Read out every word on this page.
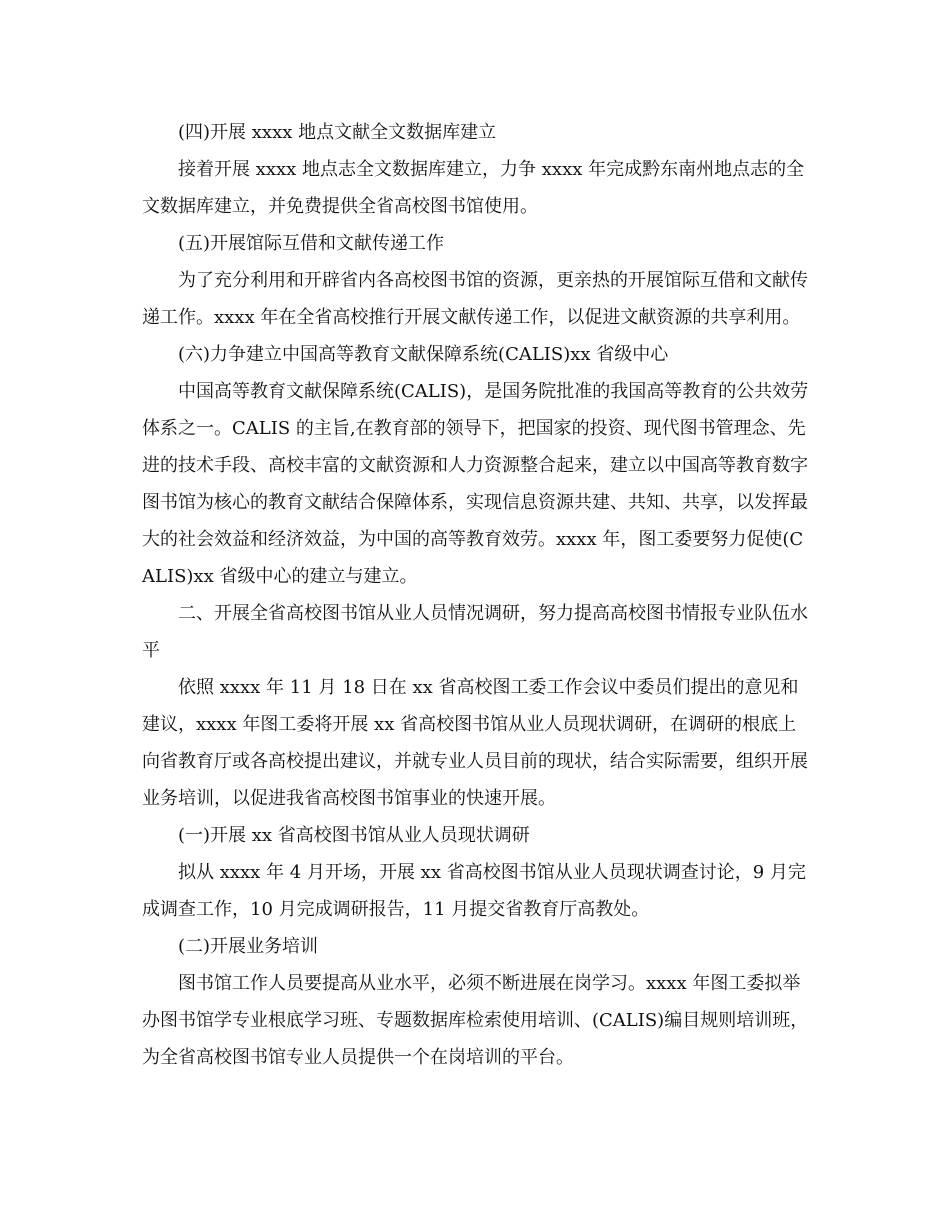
(四)开展 xxxx 地点文献全文数据库建立

接着开展 xxxx 地点志全文数据库建立，力争 xxxx 年完成黔东南州地点志的全文数据库建立，并免费提供全省高校图书馆使用。

(五)开展馆际互借和文献传递工作

为了充分利用和开辟省内各高校图书馆的资源，更亲热的开展馆际互借和文献传递工作。xxxx 年在全省高校推行开展文献传递工作，以促进文献资源的共享利用。

(六)力争建立中国高等教育文献保障系统(CALIS)xx 省级中心

中国高等教育文献保障系统(CALIS)，是国务院批准的我国高等教育的公共效劳体系之一。CALIS 的主旨,在教育部的领导下，把国家的投资、现代图书管理念、先进的技术手段、高校丰富的文献资源和人力资源整合起来，建立以中国高等教育数字图书馆为核心的教育文献结合保障体系，实现信息资源共建、共知、共享，以发挥最大的社会效益和经济效益，为中国的高等教育效劳。xxxx 年，图工委要努力促使(CALIS)xx 省级中心的建立与建立。

二、开展全省高校图书馆从业人员情况调研，努力提高高校图书情报专业队伍水平

依照 xxxx 年 11 月 18 日在 xx 省高校图工委工作会议中委员们提出的意见和建议，xxxx 年图工委将开展 xx 省高校图书馆从业人员现状调研，在调研的根底上向省教育厅或各高校提出建议，并就专业人员目前的现状，结合实际需要，组织开展业务培训，以促进我省高校图书馆事业的快速开展。

(一)开展 xx 省高校图书馆从业人员现状调研

拟从 xxxx 年 4 月开场，开展 xx 省高校图书馆从业人员现状调查讨论，9 月完成调查工作，10 月完成调研报告，11 月提交省教育厅高教处。

(二)开展业务培训

图书馆工作人员要提高从业水平，必须不断进展在岗学习。xxxx 年图工委拟举办图书馆学专业根底学习班、专题数据库检索使用培训、(CALIS)编目规则培训班，为全省高校图书馆专业人员提供一个在岗培训的平台。
